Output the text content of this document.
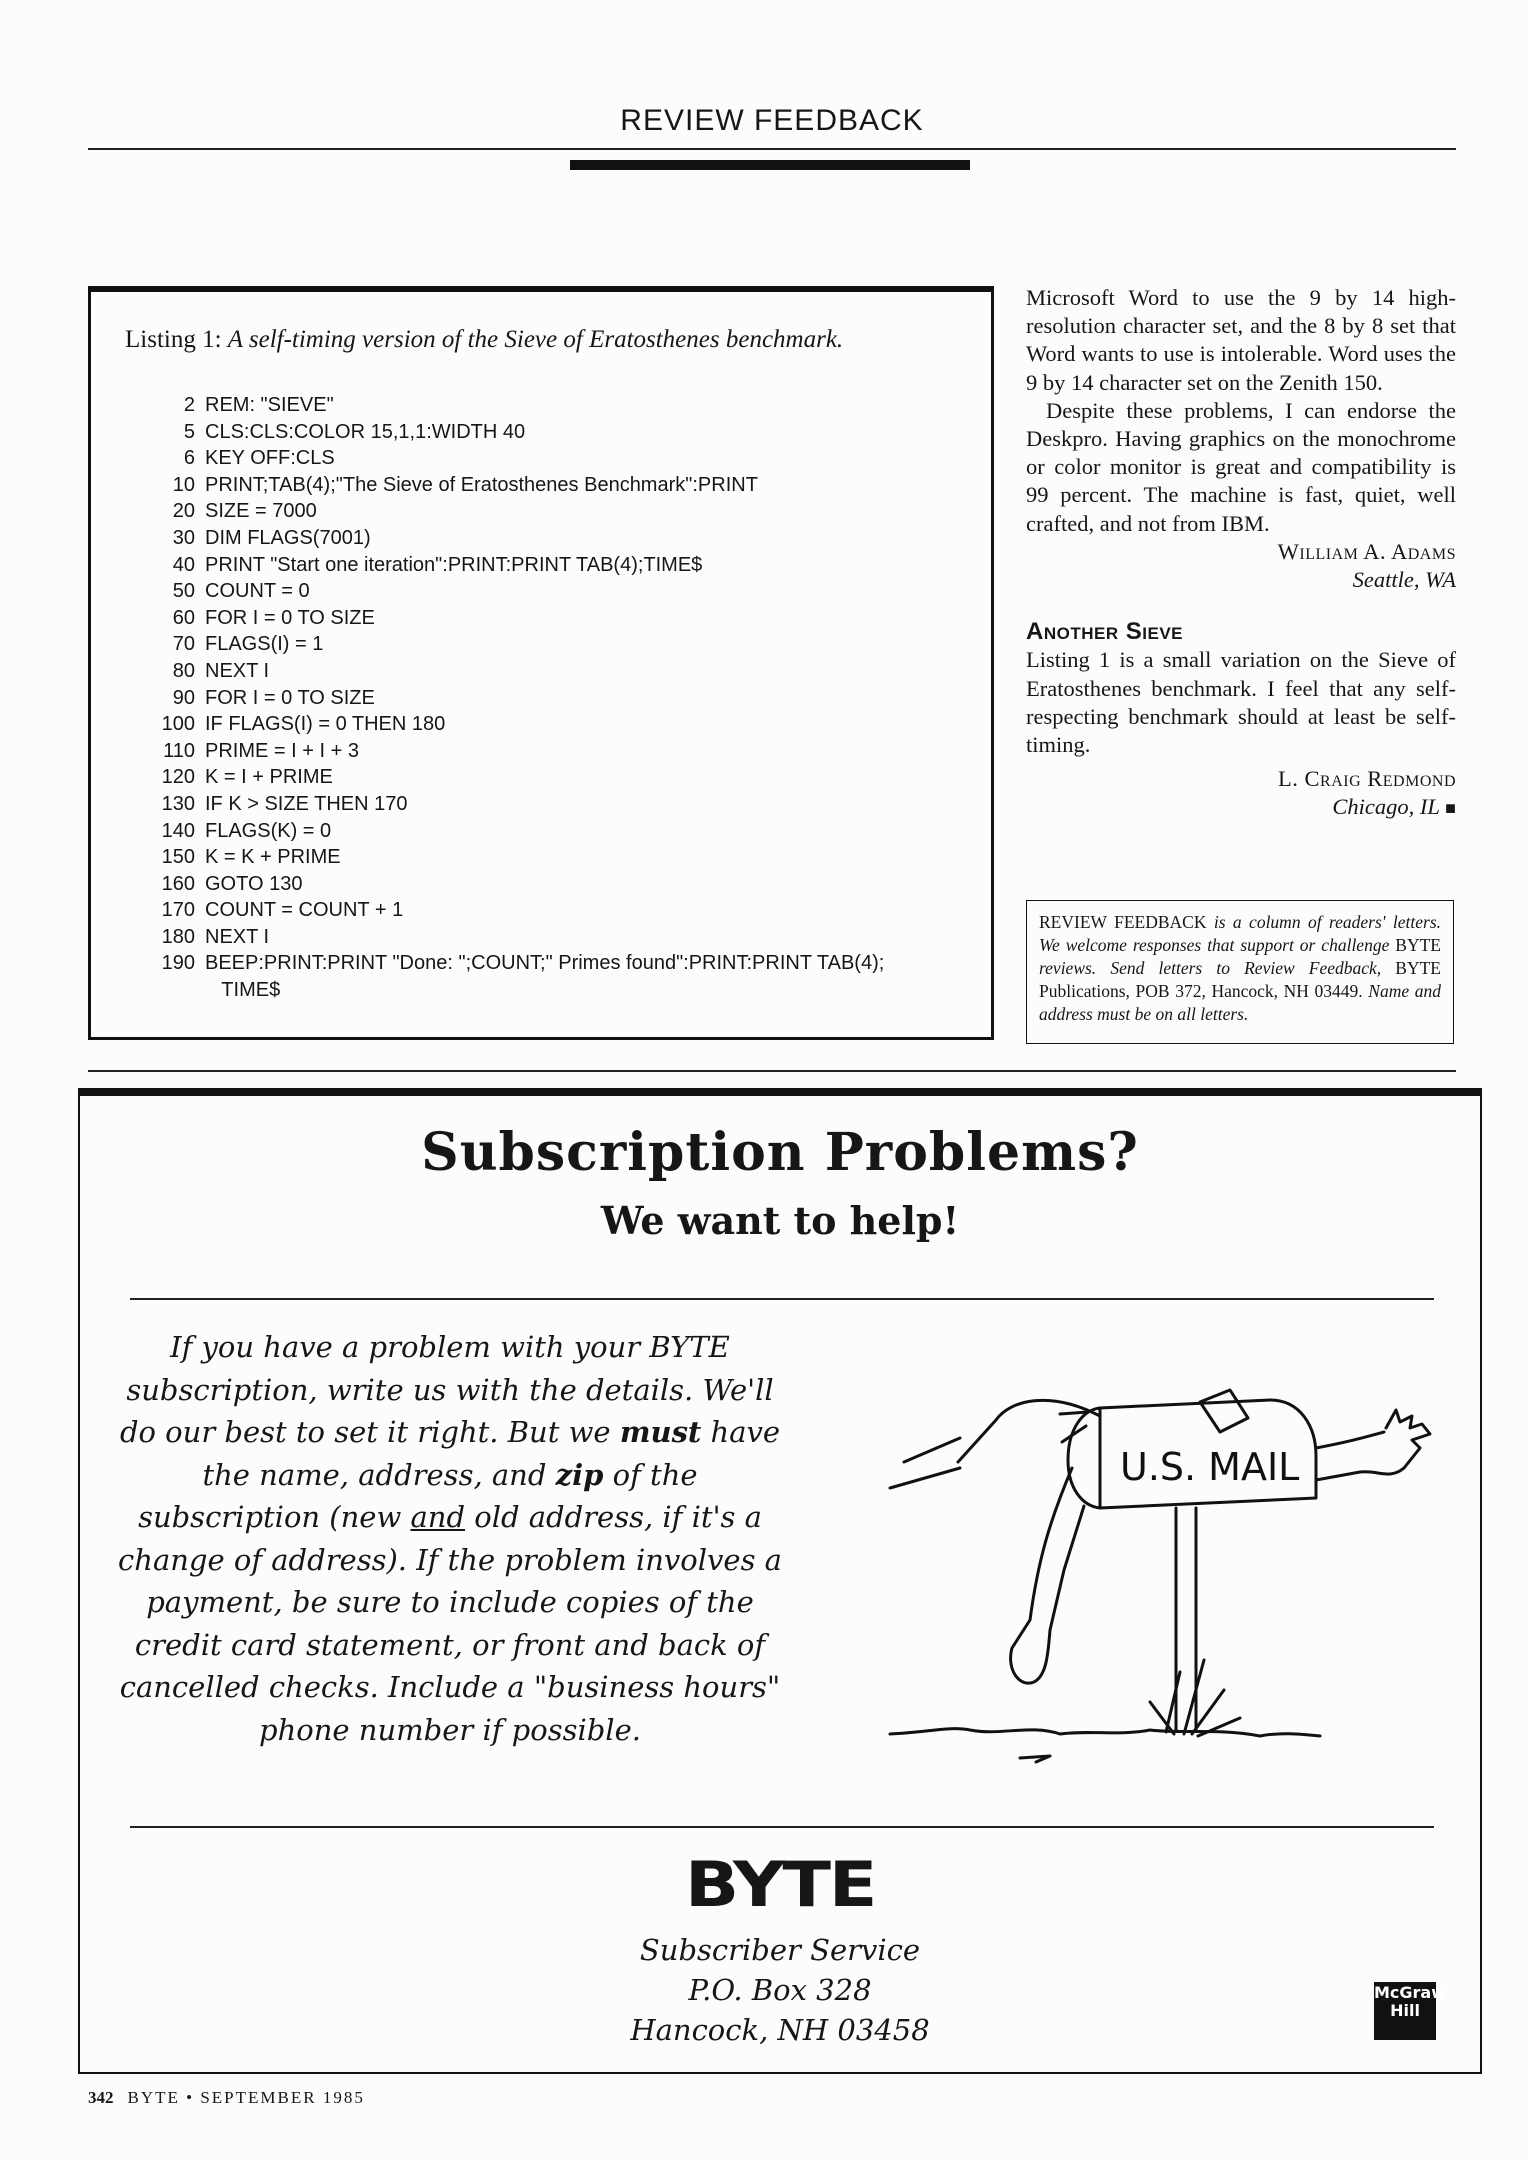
REVIEW FEEDBACK
Listing 1: A self-timing version of the Sieve of Eratosthenes benchmark.
2 REM: "SIEVE"
5 CLS:CLS:COLOR 15,1,1:WIDTH 40
6 KEY OFF:CLS
10 PRINT;TAB(4);"The Sieve of Eratosthenes Benchmark":PRINT
20 SIZE = 7000
30 DIM FLAGS(7001)
40 PRINT "Start one iteration":PRINT:PRINT TAB(4);TIME$
50 COUNT = 0
60 FOR I = 0 TO SIZE
70 FLAGS(I) = 1
80 NEXT I
90 FOR I = 0 TO SIZE
100 IF FLAGS(I) = 0 THEN 180
110 PRIME = I + I + 3
120 K = I + PRIME
130 IF K > SIZE THEN 170
140 FLAGS(K) = 0
150 K = K + PRIME
160 GOTO 130
170 COUNT = COUNT + 1
180 NEXT I
190 BEEP:PRINT:PRINT "Done: ";COUNT;" Primes found":PRINT:PRINT TAB(4);
TIME$

Microsoft Word to use the 9 by 14 high-resolution character set, and the 8 by 8 set that Word wants to use is intolerable. Word uses the 9 by 14 character set on the Zenith 150.

Despite these problems, I can endorse the Deskpro. Having graphics on the monochrome or color monitor is great and compatibility is 99 percent. The machine is fast, quiet, well crafted, and not from IBM.

William A. Adams
Seattle, WA
Another Sieve

Listing 1 is a small variation on the Sieve of Eratosthenes benchmark. I feel that any self-respecting benchmark should at least be self-timing.

L. Craig Redmond
Chicago, IL ■
REVIEW FEEDBACK is a column of readers' letters. We welcome responses that support or challenge BYTE reviews. Send letters to Review Feedback, BYTE Publications, POB 372, Hancock, NH 03449. Name and address must be on all letters.
Subscription Problems?
We want to help!
If you have a problem with your BYTE subscription, write us with the details. We'll do our best to set it right. But we must have the name, address, and zip of the subscription (new and old address, if it's a change of address). If the problem involves a payment, be sure to include copies of the credit card statement, or front and back of cancelled checks. Include a "business hours" phone number if possible.
U.S. MAIL
BYTE
Subscriber Service
P.O. Box 328
Hancock, NH 03458
McGraw Hill
342 BYTE • SEPTEMBER 1985
